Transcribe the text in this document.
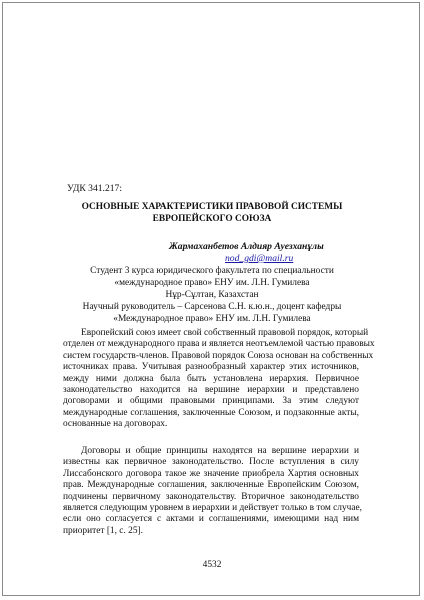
УДК 341.217:
ОСНОВНЫЕ ХАРАКТЕРИСТИКИ ПРАВОВОЙ СИСТЕМЫ
ЕВРОПЕЙСКОГО СОЮЗА
Жармаханбетов Алдияр Ауезханұлы
nod_gdi@mail.ru
Студент 3 курса юридического факультета по специальности
«международное право» ЕНУ им. Л.Н. Гумилева
Нұр-Сұлтан, Казахстан
Научный руководитель – Сарсенова С.Н. к.ю.н., доцент кафедры
«Международное право» ЕНУ им. Л.Н. Гумилева
Европейский союз имеет свой собственный правовой порядок, который
отделен от международного права и является неотъемлемой частью правовых
систем государств-членов. Правовой порядок Союза основан на собственных
источниках права. Учитывая разнообразный характер этих источников,
между ними должна была быть установлена иерархия. Первичное
законодательство находится на вершине иерархии и представлено
договорами и общими правовыми принципами. За этим следуют
международные соглашения, заключенные Союзом, и подзаконные акты,
основанные на договорах.
Договоры и общие принципы находятся на вершине иерархии и
известны как первичное законодательство. После вступления в силу
Лиссабонского договора такое же значение приобрела Хартия основных
прав. Международные соглашения, заключенные Европейским Союзом,
подчинены первичному законодательству. Вторичное законодательство
является следующим уровнем в иерархии и действует только в том случае,
если оно согласуется с актами и соглашениями, имеющими над ним
приоритет [1, с. 25].
4532
